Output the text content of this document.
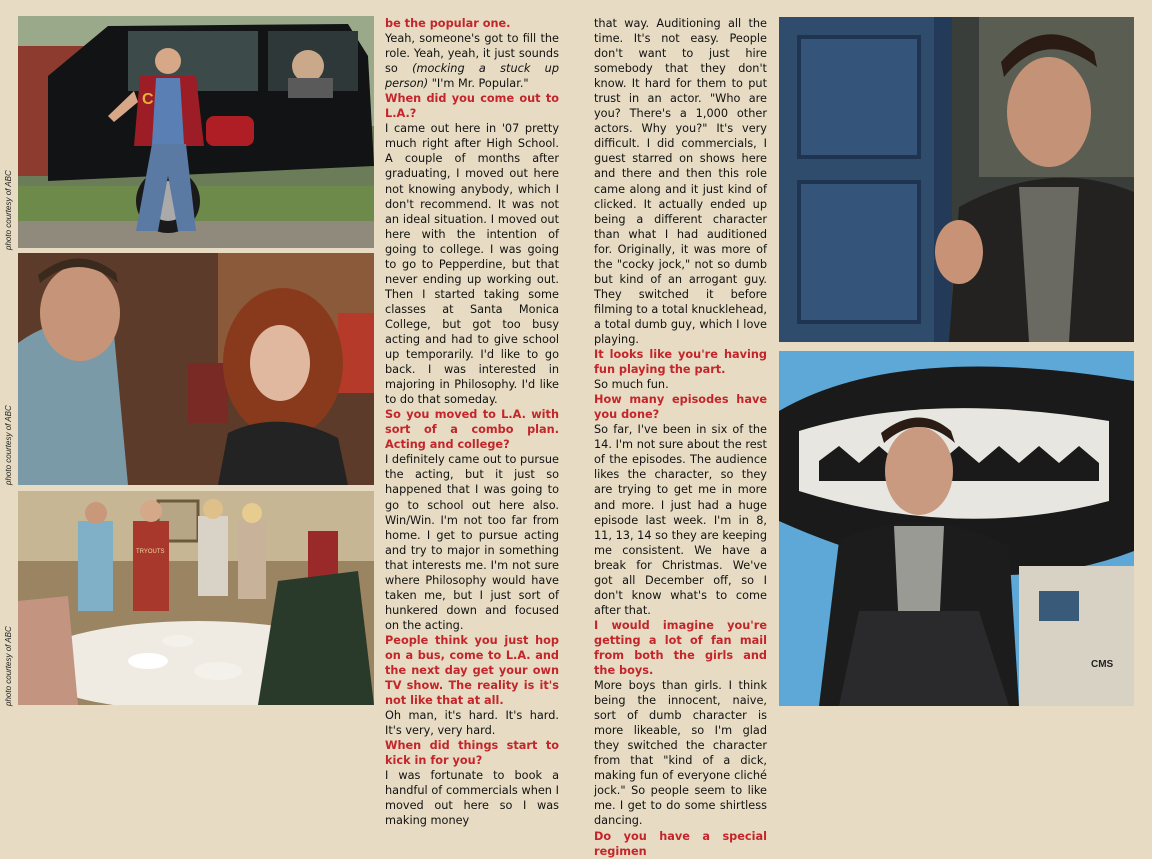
C
TRYOUTS
photo courtesy of ABC
photo courtesy of ABC
photo courtesy of ABC

be the popular one.

Yeah, someone's got to fill the role. Yeah, yeah, it just sounds so (mocking a stuck up person) "I'm Mr. Popular."

When did you come out to L.A.?

I came out here in '07 pretty much right after High School. A couple of months after graduating, I moved out here not knowing anybody, which I don't recommend. It was not an ideal situation. I moved out here with the intention of going to college. I was going to go to Pepperdine, but that never ending up working out. Then I started taking some classes at Santa Monica College, but got too busy acting and had to give school up temporarily. I'd like to go back. I was interested in majoring in Philosophy. I'd like to do that someday.

So you moved to L.A. with sort of a combo plan. Acting and college?

I definitely came out to pursue the acting, but it just so happened that I was going to go to school out here also. Win/Win. I'm not too far from home. I get to pursue acting and try to major in something that interests me. I'm not sure where Philosophy would have taken me, but I just sort of hunkered down and focused on the acting.

People think you just hop on a bus, come to L.A. and the next day get your own TV show. The reality is it's not like that at all.

Oh man, it's hard. It's hard. It's very, very hard.

When did things start to kick in for you?

I was fortunate to book a handful of commercials when I moved out here so I was making money

that way. Auditioning all the time. It's not easy. People don't want to just hire somebody that they don't know. It hard for them to put trust in an actor. "Who are you? There's a 1,000 other actors. Why you?" It's very difficult. I did commercials, I guest starred on shows here and there and then this role came along and it just kind of clicked. It actually ended up being a different character than what I had auditioned for. Originally, it was more of the "cocky jock," not so dumb but kind of an arrogant guy. They switched it before filming to a total knucklehead, a total dumb guy, which I love playing.

It looks like you're having fun playing the part.

So much fun.

How many episodes have you done?

So far, I've been in six of the 14. I'm not sure about the rest of the episodes. The audience likes the character, so they are trying to get me in more and more. I just had a huge episode last week. I'm in 8, 11, 13, 14 so they are keeping me consistent. We have a break for Christmas. We've got all December off, so I don't know what's to come after that.

I would imagine you're getting a lot of fan mail from both the girls and the boys.

More boys than girls. I think being the innocent, naive, sort of dumb character is more likeable, so I'm glad they switched the character from that "kind of a dick, making fun of everyone cliché jock." So people seem to like me. I get to do some shirtless dancing.

Do you have a special regimen

CMS
